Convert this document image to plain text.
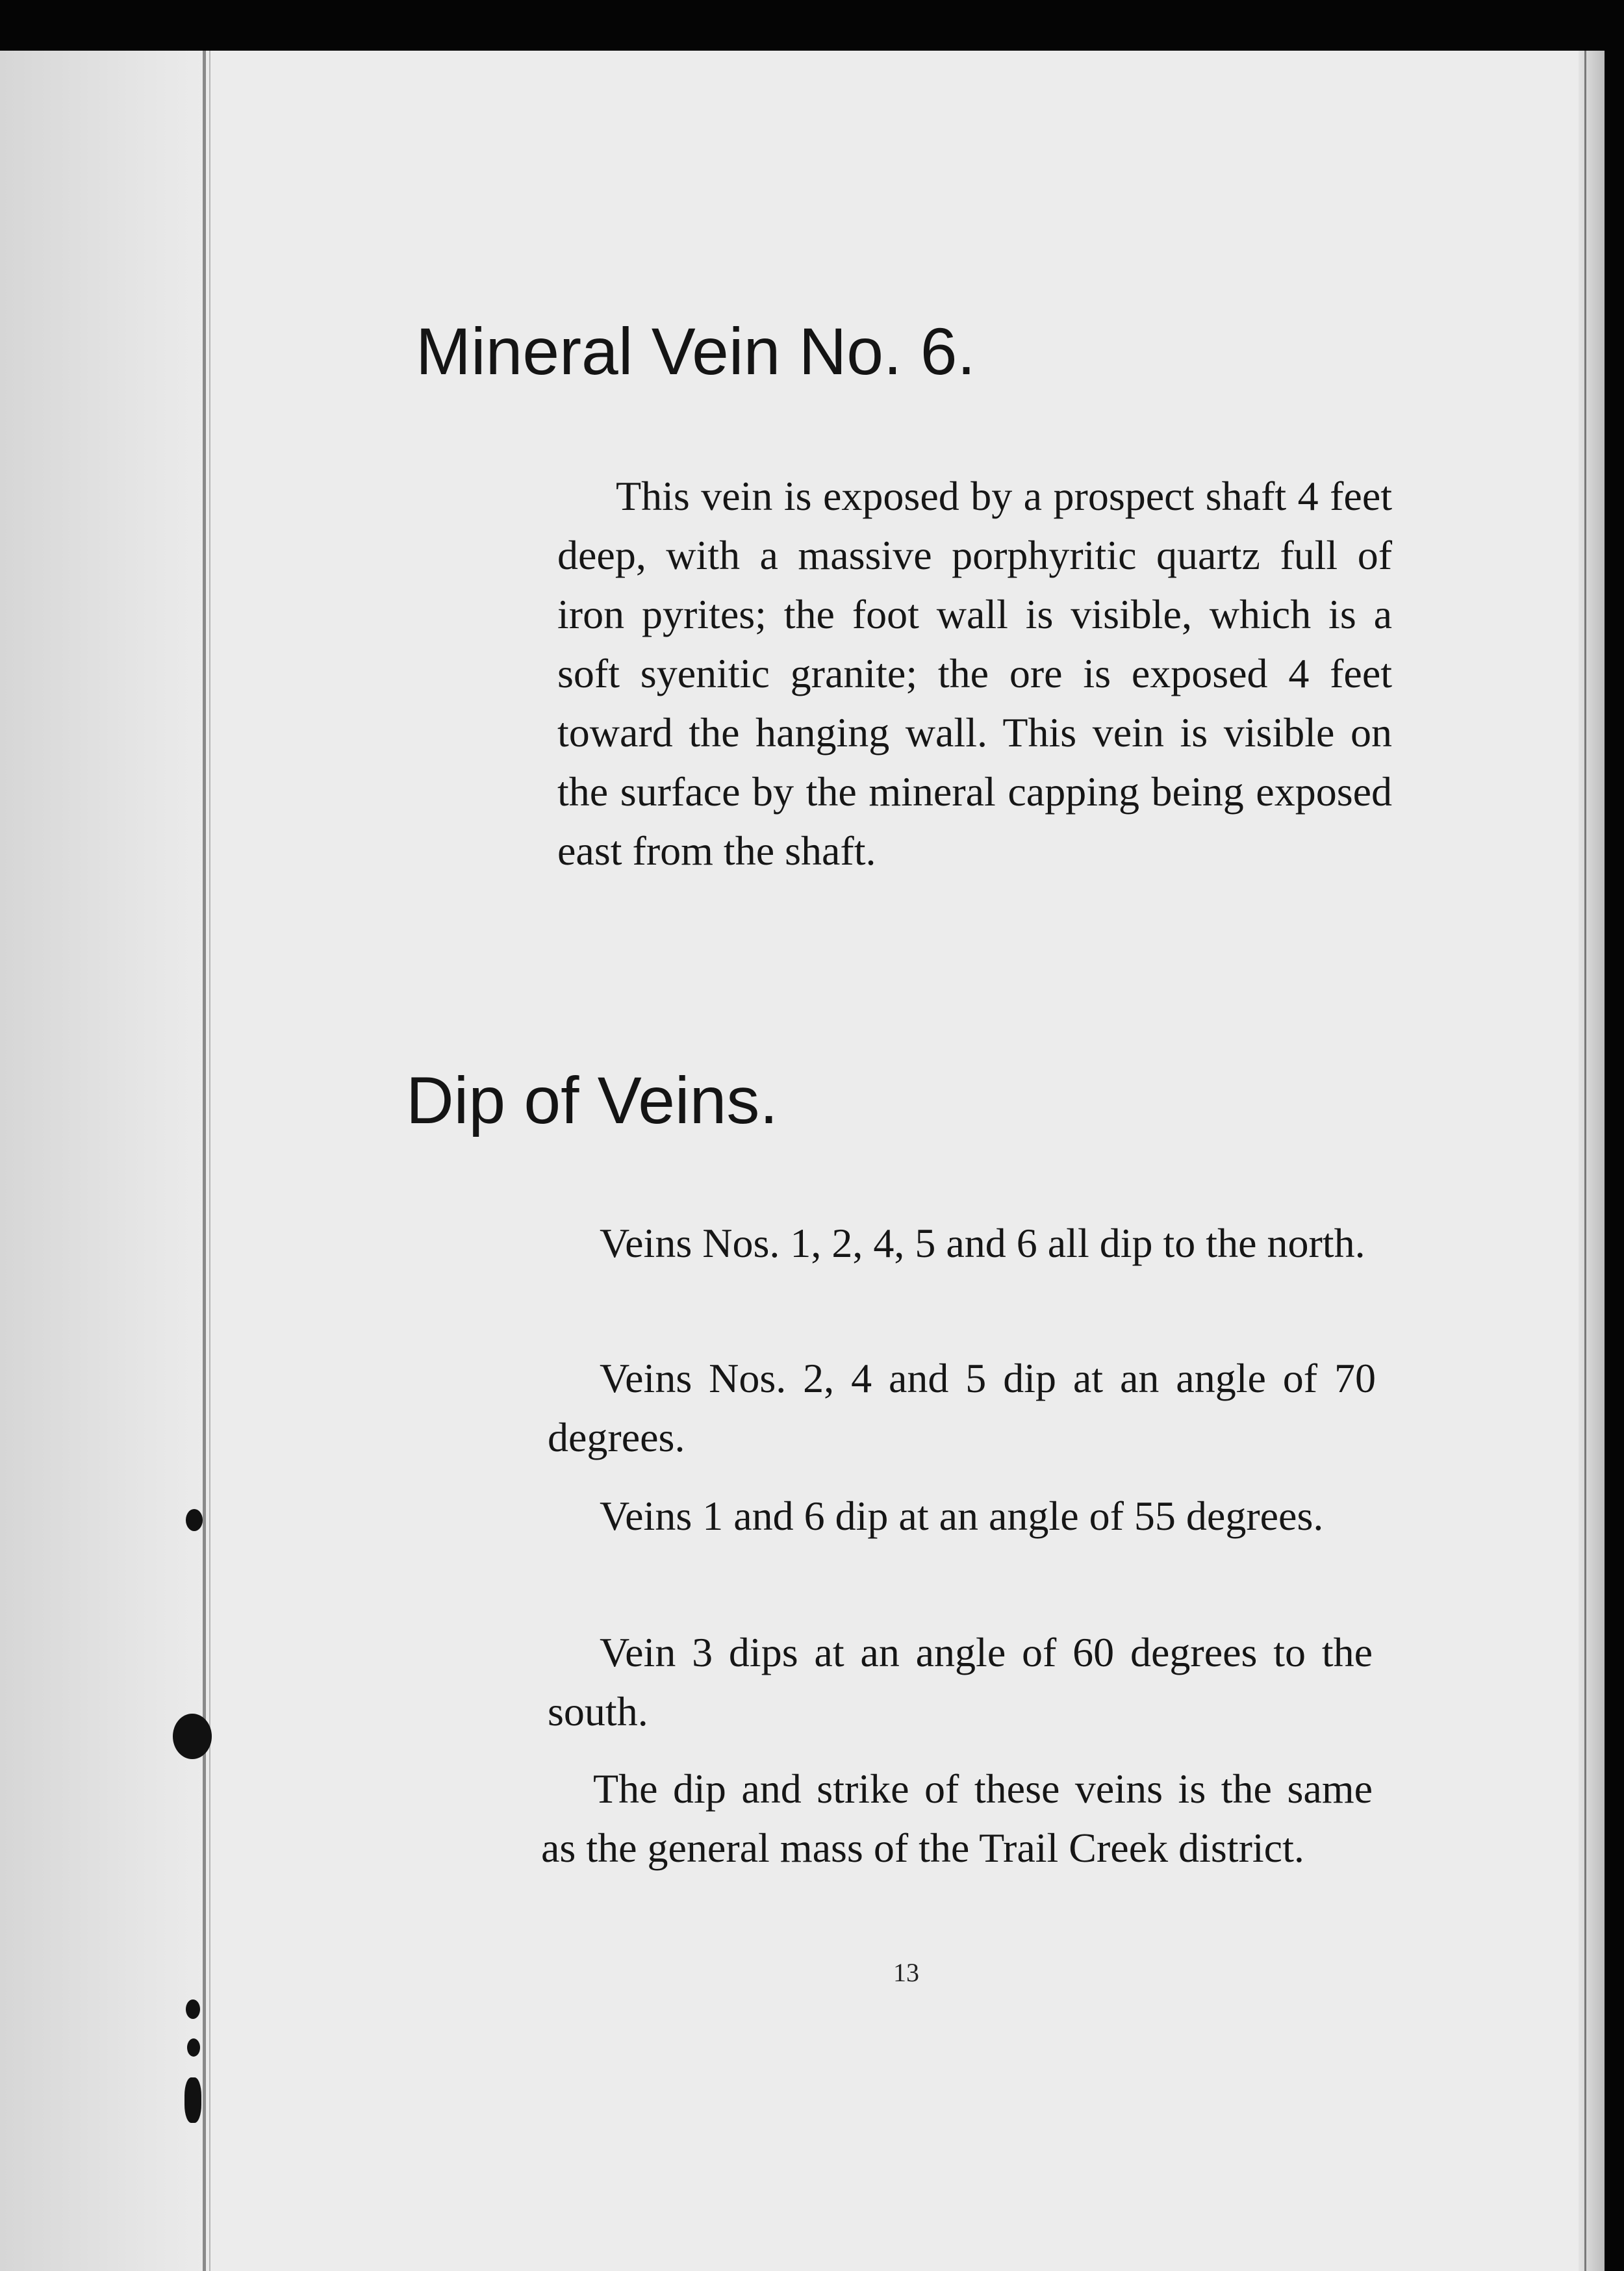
Mineral Vein No. 6.

This vein is exposed by a prospect shaft 4 feet deep, with a massive porphyritic quartz full of iron pyrites; the foot wall is visible, which is a soft syenitic granite; the ore is exposed 4 feet toward the hanging wall. This vein is visible on the surface by the mineral capping being exposed east from the shaft.

Dip of Veins.

Veins Nos. 1, 2, 4, 5 and 6 all dip to the north.

Veins Nos. 2, 4 and 5 dip at an angle of 70 degrees.

Veins 1 and 6 dip at an angle of 55 degrees.

Vein 3 dips at an angle of 60 degrees to the south.

The dip and strike of these veins is the same as the general mass of the Trail Creek district.

13
